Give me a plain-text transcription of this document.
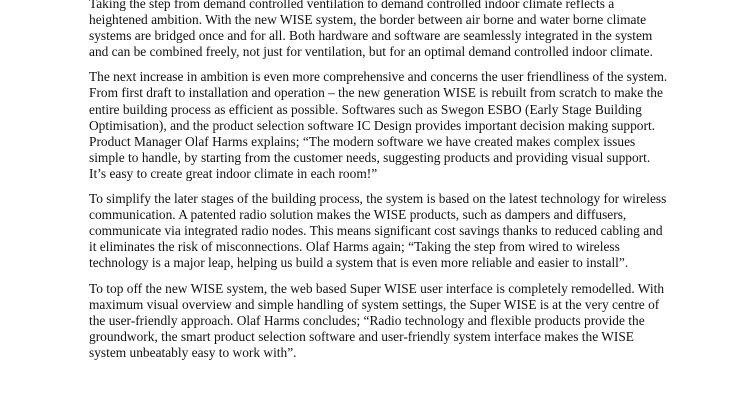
Taking the step from demand controlled ventilation to demand controlled indoor climate reflects a heightened ambition. With the new WISE system, the border between air borne and water borne climate systems are bridged once and for all. Both hardware and software are seamlessly integrated in the system and can be combined freely, not just for ventilation, but for an optimal demand controlled indoor climate.

The next increase in ambition is even more comprehensive and concerns the user friendliness of the system. From first draft to installation and operation – the new generation WISE is rebuilt from scratch to make the entire building process as efficient as possible. Softwares such as Swegon ESBO (Early Stage Building Optimisation), and the product selection software IC Design provides important decision making support. Product Manager Olaf Harms explains; “The modern software we have created makes complex issues simple to handle, by starting from the customer needs, suggesting products and providing visual support. It’s easy to create great indoor climate in each room!”

To simplify the later stages of the building process, the system is based on the latest technology for wireless communication. A patented radio solution makes the WISE products, such as dampers and diffusers, communicate via integrated radio nodes. This means significant cost savings thanks to reduced cabling and it eliminates the risk of misconnections. Olaf Harms again; “Taking the step from wired to wireless technology is a major leap, helping us build a system that is even more reliable and easier to install”.

To top off the new WISE system, the web based Super WISE user interface is completely remodelled. With maximum visual overview and simple handling of system settings, the Super WISE is at the very centre of the user-friendly approach. Olaf Harms concludes; “Radio technology and flexible products provide the groundwork, the smart product selection software and user-friendly system interface makes the WISE system unbeatably easy to work with”.
